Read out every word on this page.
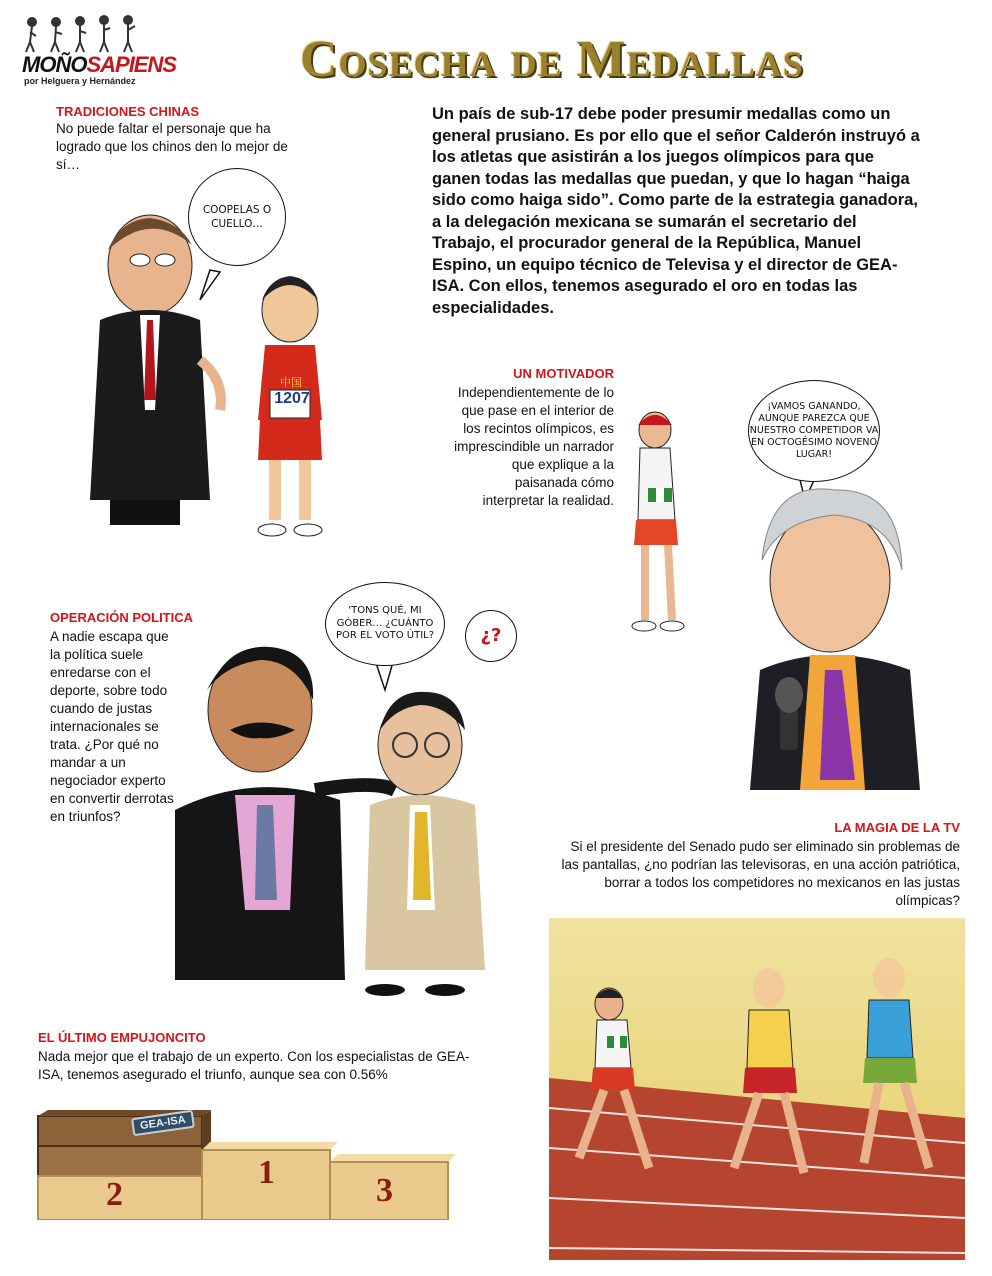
MOÑOSAPIENS
por Helguera y Hernández	Cosecha de Medallas
Un país de sub-17 debe poder presumir medallas como un general prusiano. Es por ello que el señor Calderón instruyó a los atletas que asistirán a los juegos olímpicos para que ganen todas las medallas que puedan, y que lo hagan “haiga sido como haiga sido”. Como parte de la estrategia ganadora, a la delegación mexicana se sumarán el secretario del Trabajo, el procurador general de la República, Manuel Espino, un equipo técnico de Televisa y el director de GEA-ISA. Con ellos, tenemos asegurado el oro en todas las especialidades.
TRADICIONES CHINAS
No puede faltar el personaje que ha logrado que los chinos den lo mejor de sí…
1207
中国
COOPELAS O CUELLO…
UN MOTIVADOR
Independientemente de lo que pase en el interior de los recintos olímpicos, es imprescindible un narrador que explique a la paisanada cómo interpretar la realidad.
¡VAMOS GANANDO, AUNQUE PAREZCA QUE NUESTRO COMPETIDOR VA EN OCTOGÉSIMO NOVENO LUGAR!
OPERACIÓN POLITICA
A nadie escapa que la política suele enredarse con el deporte, sobre todo cuando de justas internacionales se trata. ¿Por qué no mandar a un negociador experto en convertir derrotas en triunfos?
'TONS QUÉ, MI GÓBER… ¿CUÁNTO POR EL VOTO ÚTIL?	¿?
LA MAGIA DE LA TV
Si el presidente del Senado pudo ser eliminado sin problemas de las pantallas, ¿no podrían las televisoras, en una acción patriótica, borrar a todos los competidores no mexicanos en las justas olímpicas?
EL ÚLTIMO EMPUJONCITO
Nada mejor que el trabajo de un experto. Con los especialistas de GEA-ISA, tenemos asegurado el triunfo, aunque sea con 0.56%
GEA-ISA
2
1	3
